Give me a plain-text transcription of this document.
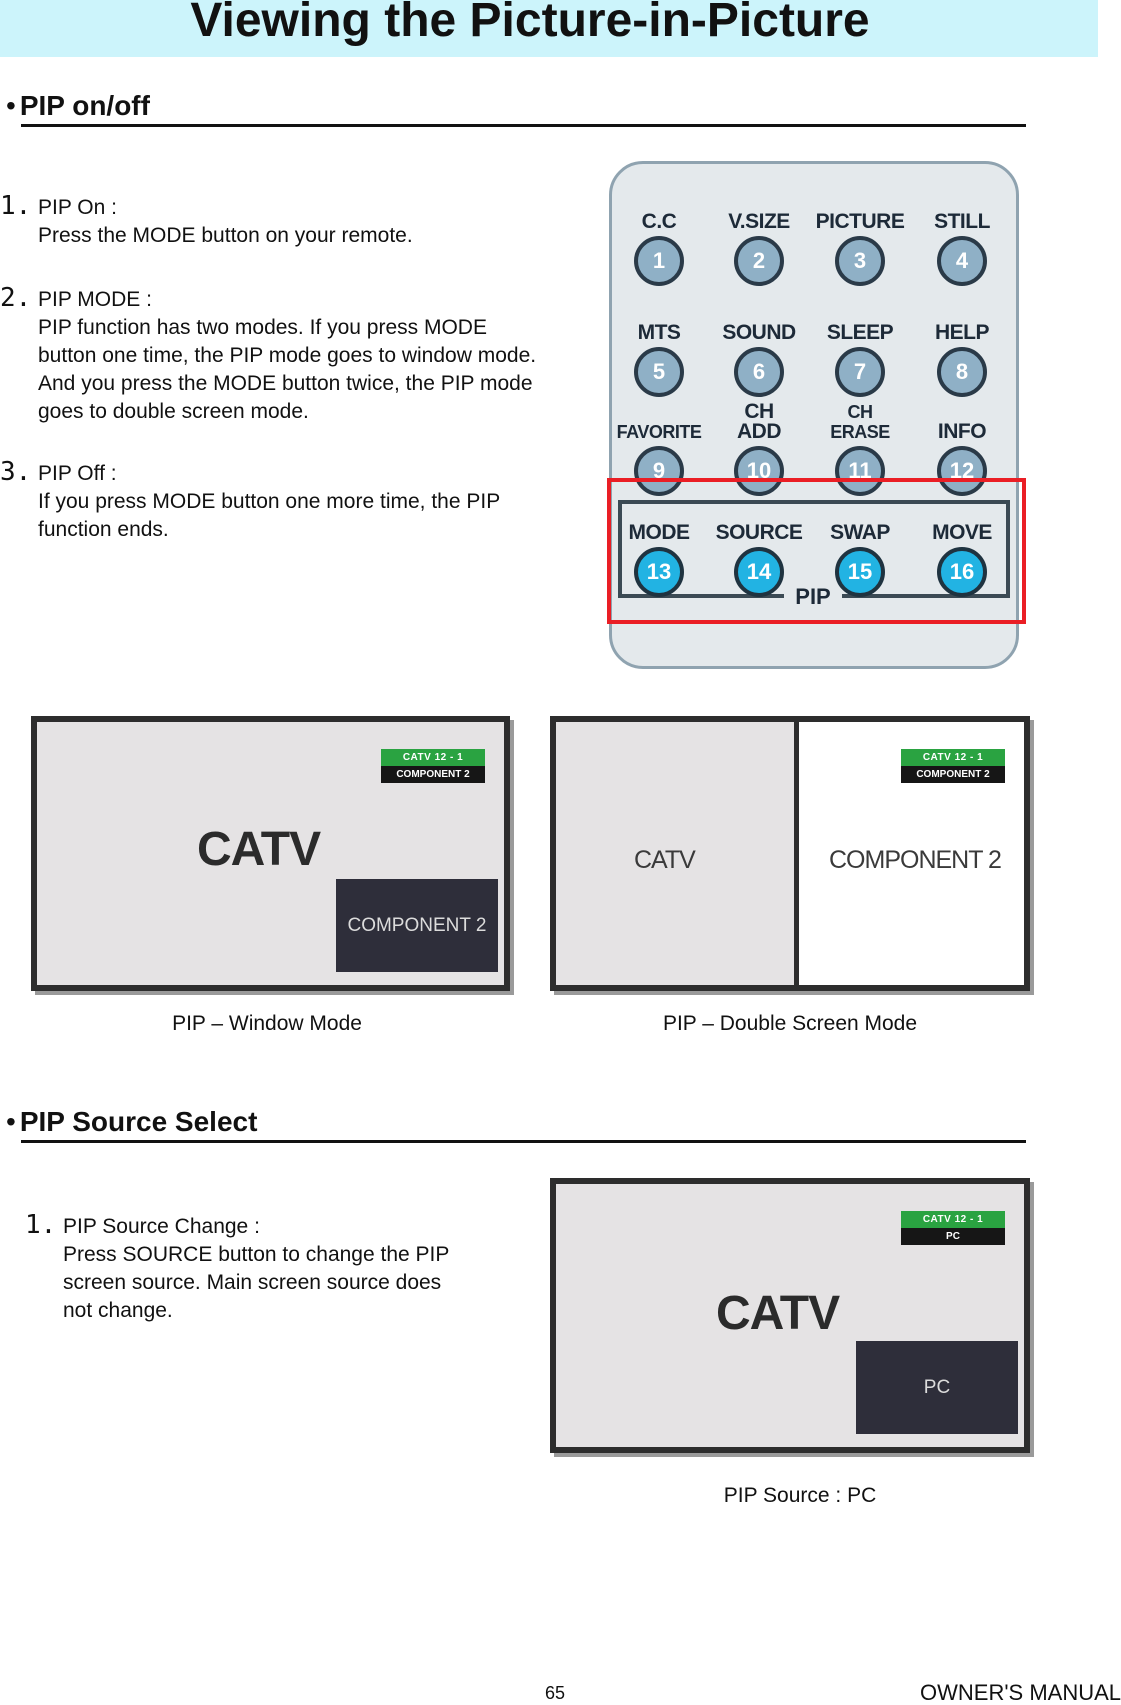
Viewing the Picture-in-Picture
• PIP on/off
1. PIP On :
Press the MODE button on your remote.
2. PIP MODE :
PIP function has two modes. If you press MODE
button one time, the PIP mode goes to window mode.
And you press the MODE button twice, the PIP mode
goes to double screen mode.
3. PIP Off :
If you press MODE button one more time, the PIP
function ends.
PIP
C.C
1
V.SIZE
2
PICTURE
3
STILL
4
MTS
5
SOUND
6
SLEEP
7
HELP
8
FAVORITE
9
CH
ADD
10
CH
ERASE
11
INFO
12
MODE
13
SOURCE
14
SWAP
15
MOVE
16
CATV 12 - 1
COMPONENT 2
CATV
COMPONENT 2
PIP – Window Mode
CATV	COMPONENT 2
CATV 12 - 1
COMPONENT 2
PIP – Double Screen Mode
• PIP Source Select
1. PIP Source Change :
Press SOURCE button to change the PIP
screen source. Main screen source does
not change.
CATV 12 - 1
PC
CATV
PC
PIP Source : PC
65	OWNER'S MANUAL
